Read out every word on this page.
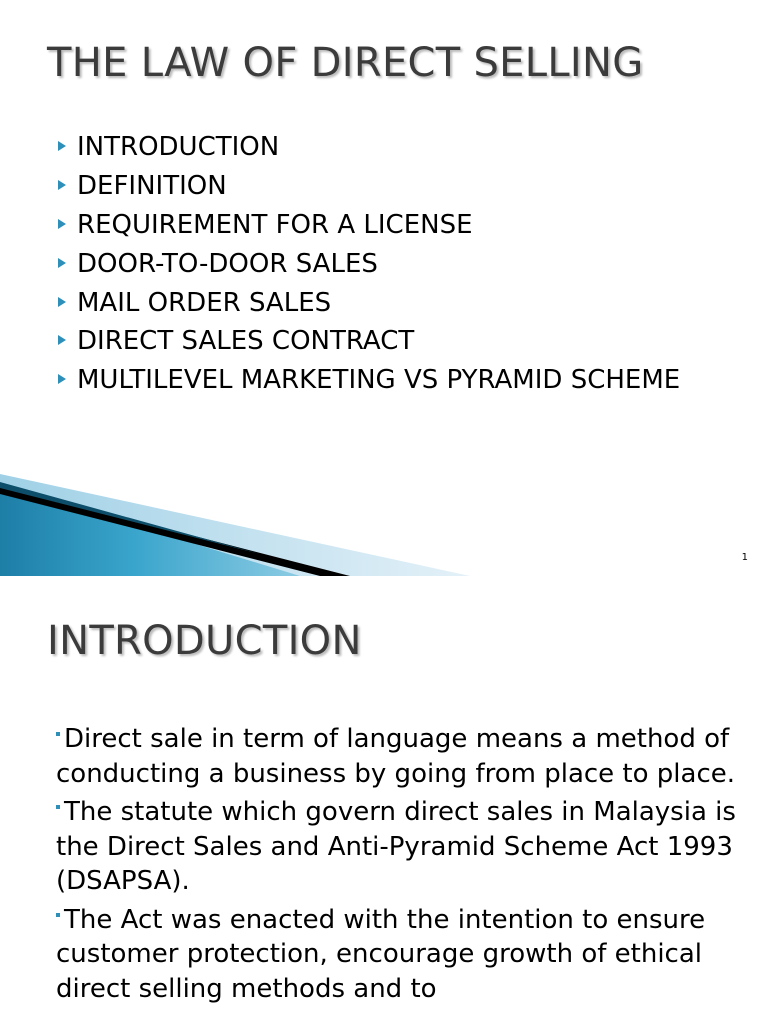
THE LAW OF DIRECT SELLING
INTRODUCTION
DEFINITION
REQUIREMENT FOR A LICENSE
DOOR-TO-DOOR SALES
MAIL ORDER SALES
DIRECT SALES CONTRACT
MULTILEVEL MARKETING VS PYRAMID SCHEME
1
INTRODUCTION
Direct sale in term of language means a method of conducting a business by going from place to place.
The statute which govern direct sales in Malaysia is the Direct Sales and Anti-Pyramid Scheme Act 1993 (DSAPSA).
The Act was enacted with the intention to ensure customer protection, encourage growth of ethical direct selling methods and to
